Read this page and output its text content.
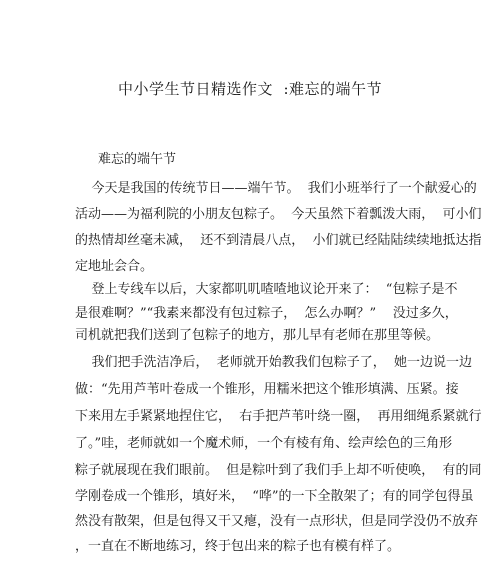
中小学生节日精选作文  :难忘的端午节
难忘的端午节
今天是我国的传统节日——端午节。  我们小班举行了一个献爱心的
活动——为福利院的小朋友包粽子。  今天虽然下着瓢泼大雨，  可小们
的热情却丝毫未减，  还不到清晨八点，  小们就已经陆陆续续地抵达指
定地址会合。
登上专线车以后，大家都叽叽喳喳地议论开来了：  “包粽子是不
是很难啊？”“我素来都没有包过粽子，  怎么办啊？”    没过多久，
司机就把我们送到了包粽子的地方，那儿早有老师在那里等候。
我们把手洗洁净后，  老师就开始教我们包粽子了，  她一边说一边
做：“先用芦苇叶卷成一个锥形，用糯米把这个锥形填满、压紧。接
下来用左手紧紧地捏住它，  右手把芦苇叶绕一圈，  再用细绳系紧就行
了。”哇，老师就如一个魔术师，一个有棱有角、绘声绘色的三角形
粽子就展现在我们眼前。  但是粽叶到了我们手上却不听使唤，  有的同
学刚卷成一个锥形，填好米，  “哗”的一下全散架了；有的同学包得虽
然没有散架，但是包得又干又瘪，没有一点形状，但是同学没仍不放弃
，一直在不断地练习，终于包出来的粽子也有模有样了。
